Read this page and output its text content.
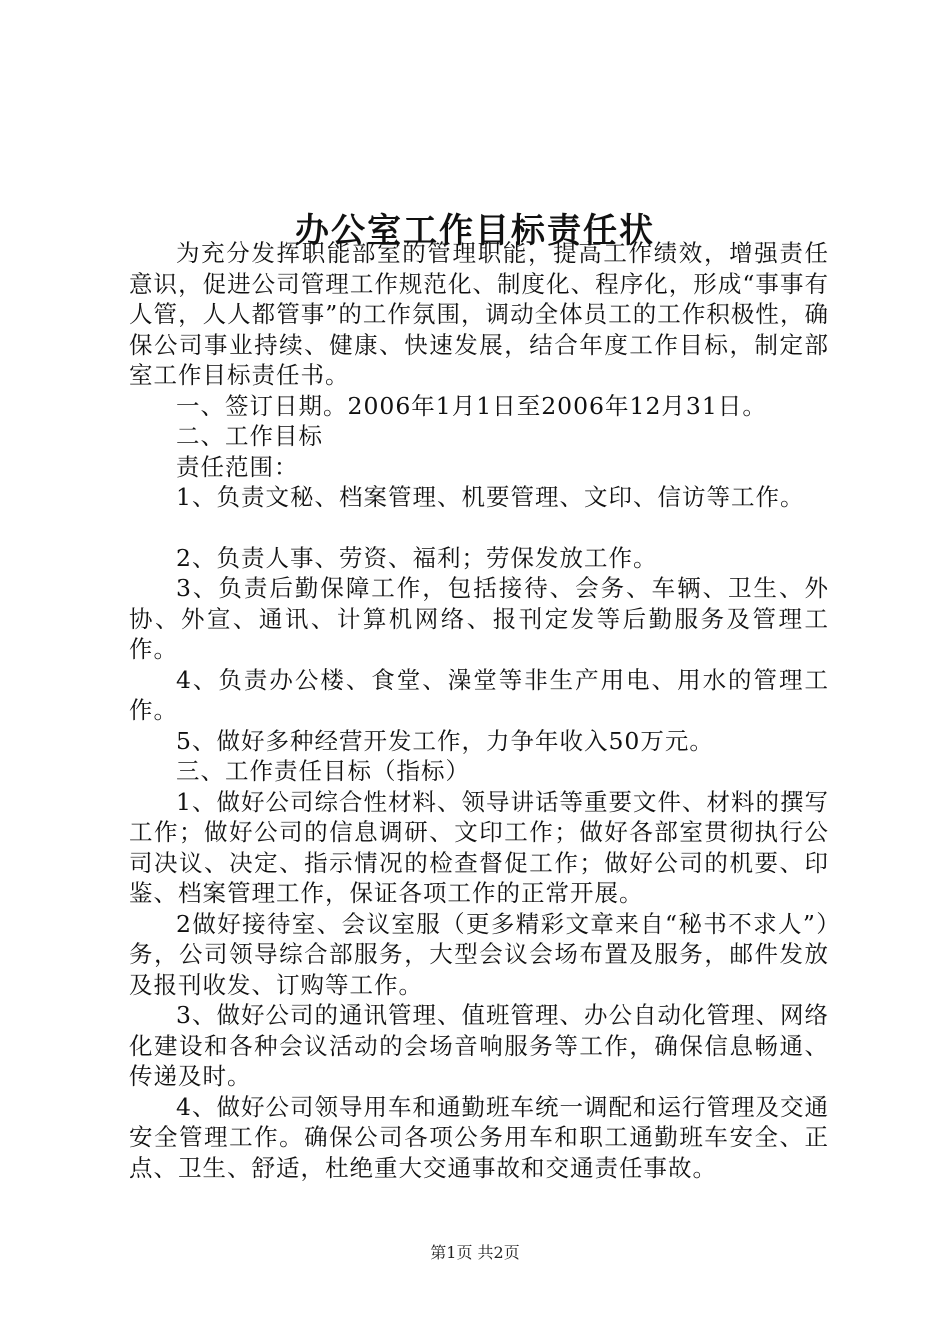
办公室工作目标责任状

为充分发挥职能部室的管理职能，提高工作绩效，增强责任意识，促进公司管理工作规范化、制度化、程序化，形成“事事有人管，人人都管事”的工作氛围，调动全体员工的工作积极性，确保公司事业持续、健康、快速发展，结合年度工作目标，制定部室工作目标责任书。

一、签订日期。2006年1月1日至2006年12月31日。

二、工作目标

责任范围：

1、负责文秘、档案管理、机要管理、文印、信访等工作。

2、负责人事、劳资、福利；劳保发放工作。

3、负责后勤保障工作，包括接待、会务、车辆、卫生、外协、外宣、通讯、计算机网络、报刊定发等后勤服务及管理工作。

4、负责办公楼、食堂、澡堂等非生产用电、用水的管理工作。

5、做好多种经营开发工作，力争年收入50万元。

三、工作责任目标（指标）

1、做好公司综合性材料、领导讲话等重要文件、材料的撰写工作；做好公司的信息调研、文印工作；做好各部室贯彻执行公司决议、决定、指示情况的检查督促工作；做好公司的机要、印鉴、档案管理工作，保证各项工作的正常开展。

2做好接待室、会议室服（更多精彩文章来自“秘书不求人”）务，公司领导综合部服务，大型会议会场布置及服务，邮件发放及报刊收发、订购等工作。

3、做好公司的通讯管理、值班管理、办公自动化管理、网络化建设和各种会议活动的会场音响服务等工作，确保信息畅通、传递及时。

4、做好公司领导用车和通勤班车统一调配和运行管理及交通安全管理工作。确保公司各项公务用车和职工通勤班车安全、正点、卫生、舒适，杜绝重大交通事故和交通责任事故。

第1页 共2页
